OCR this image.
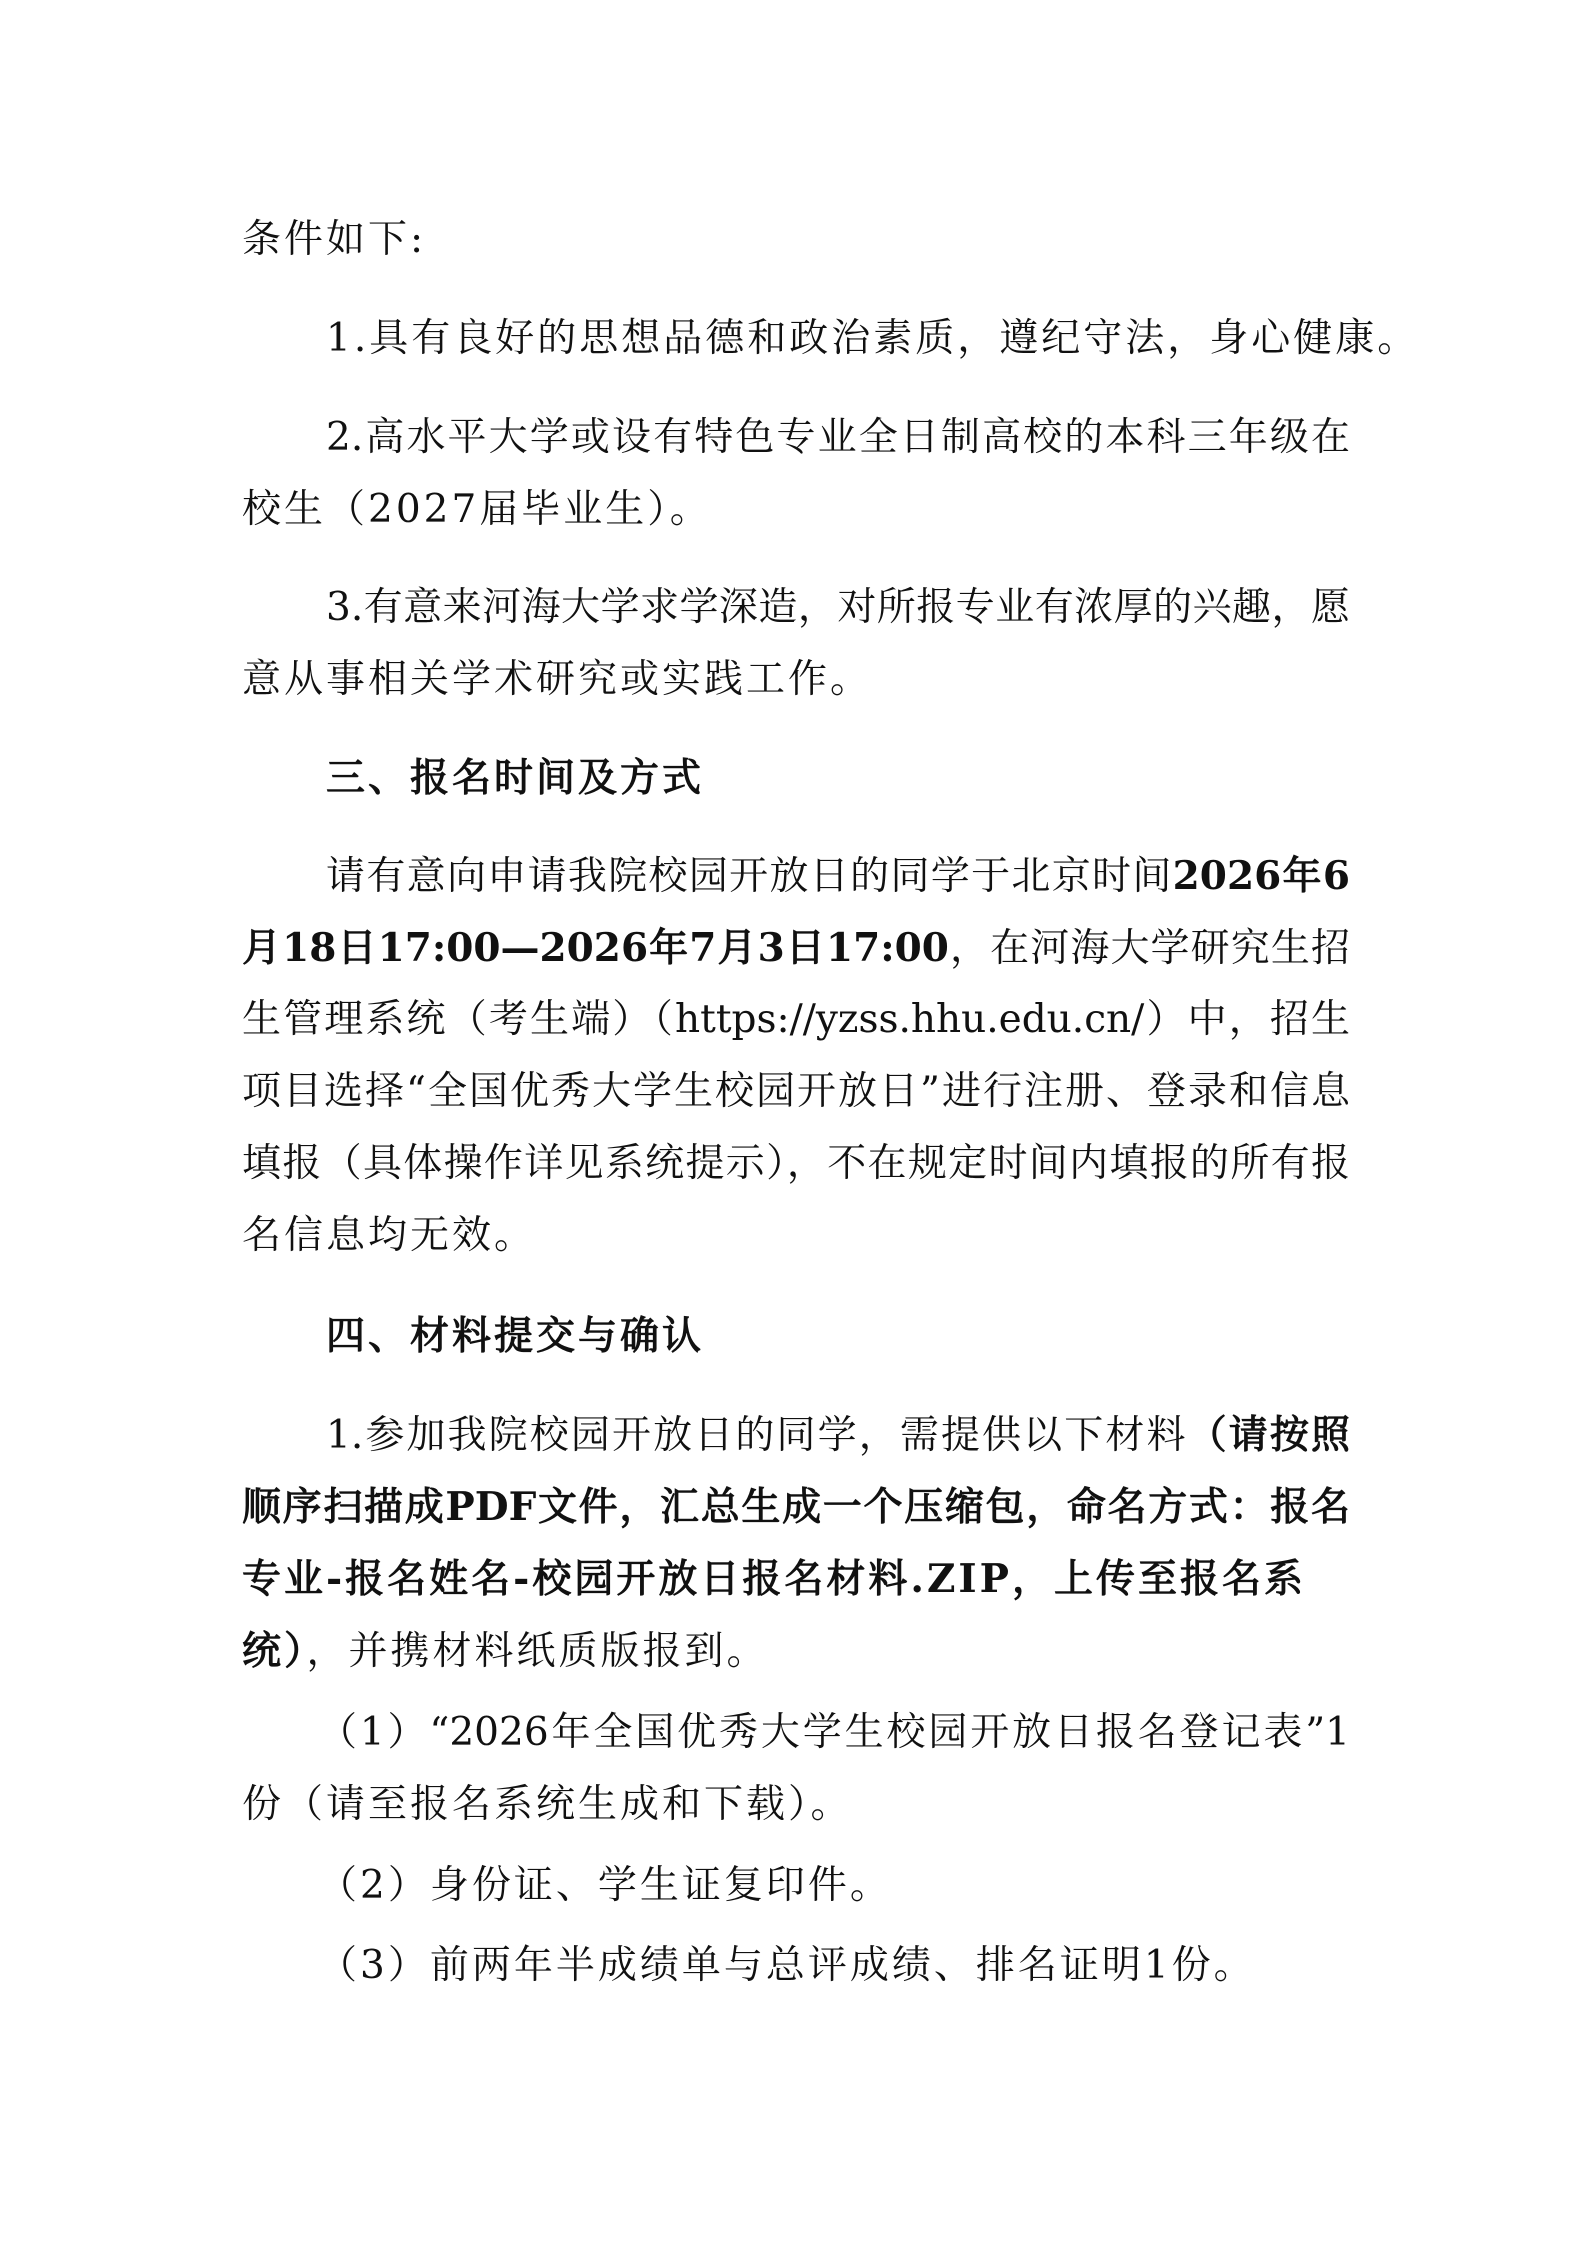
条件如下:
1.具有良好的思想品德和政治素质，遵纪守法，身心健康。
2.高水平大学或设有特色专业全日制高校的本科三年级在
校生（2027届毕业生）。
3.有意来河海大学求学深造，对所报专业有浓厚的兴趣，愿
意从事相关学术研究或实践工作。
三、报名时间及方式
请有意向申请我院校园开放日的同学于北京时间2026年6
月18日17:00—2026年7月3日17:00，在河海大学研究生招
生管理系统（考生端）（https://yzss.hhu.edu.cn/）中，招生
项目选择“全国优秀大学生校园开放日”进行注册、登录和信息
填报（具体操作详见系统提示），不在规定时间内填报的所有报
名信息均无效。
四、材料提交与确认
1.参加我院校园开放日的同学，需提供以下材料（请按照
顺序扫描成PDF文件，汇总生成一个压缩包，命名方式：报名
专业-报名姓名-校园开放日报名材料.ZIP，上传至报名系
统），并携材料纸质版报到。
（1）“2026年全国优秀大学生校园开放日报名登记表”1
份（请至报名系统生成和下载）。
（2）身份证、学生证复印件。
（3）前两年半成绩单与总评成绩、排名证明1份。
